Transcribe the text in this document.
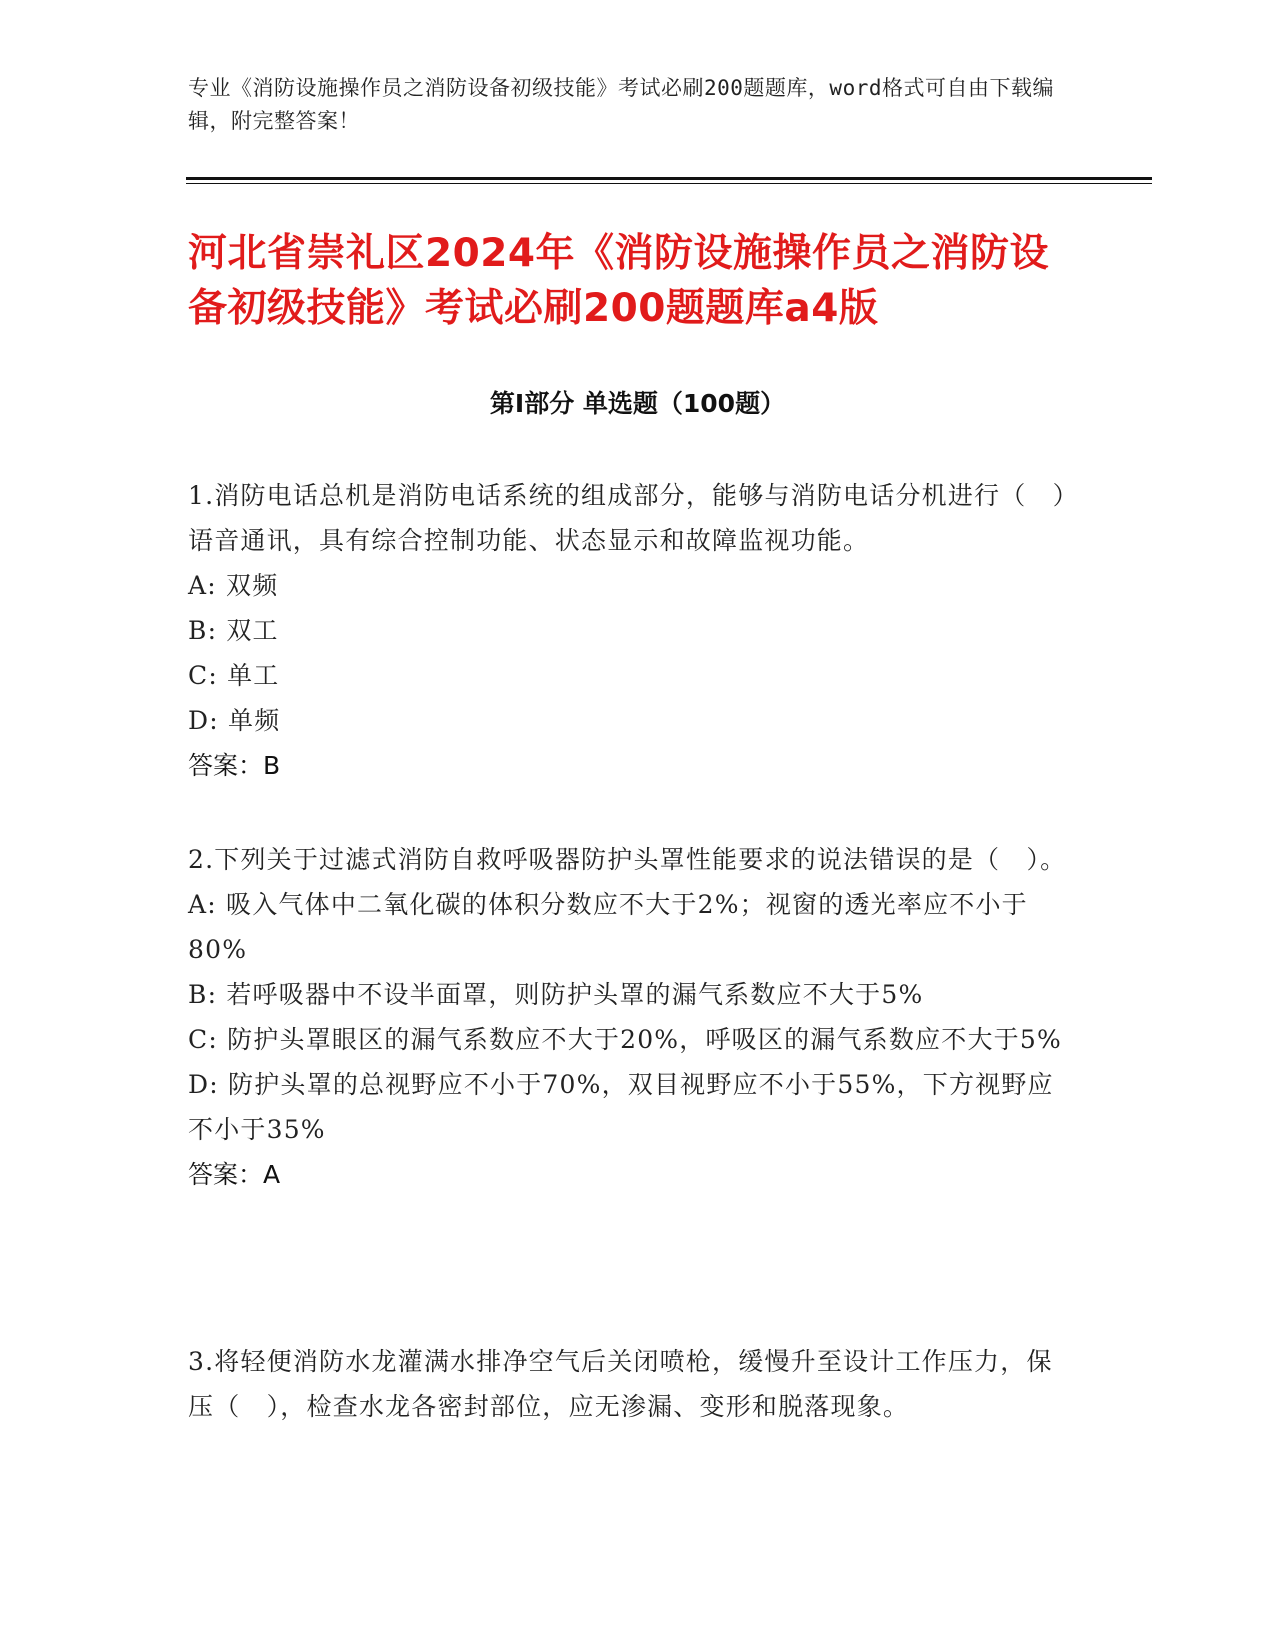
专业《消防设施操作员之消防设备初级技能》考试必刷200题题库，word格式可自由下载编辑，附完整答案！
河北省崇礼区2024年《消防设施操作员之消防设备初级技能》考试必刷200题题库a4版
第I部分 单选题（100题）
1.消防电话总机是消防电话系统的组成部分，能够与消防电话分机进行（　）语音通讯，具有综合控制功能、状态显示和故障监视功能。
A: 双频
B: 双工
C: 单工
D: 单频
答案：B
2.下列关于过滤式消防自救呼吸器防护头罩性能要求的说法错误的是（　）。
A: 吸入气体中二氧化碳的体积分数应不大于2%；视窗的透光率应不小于80%
B: 若呼吸器中不设半面罩，则防护头罩的漏气系数应不大于5%
C: 防护头罩眼区的漏气系数应不大于20%，呼吸区的漏气系数应不大于5%
D: 防护头罩的总视野应不小于70%，双目视野应不小于55%，下方视野应不小于35%
答案：A
3.将轻便消防水龙灌满水排净空气后关闭喷枪，缓慢升至设计工作压力，保压（　），检查水龙各密封部位，应无渗漏、变形和脱落现象。
